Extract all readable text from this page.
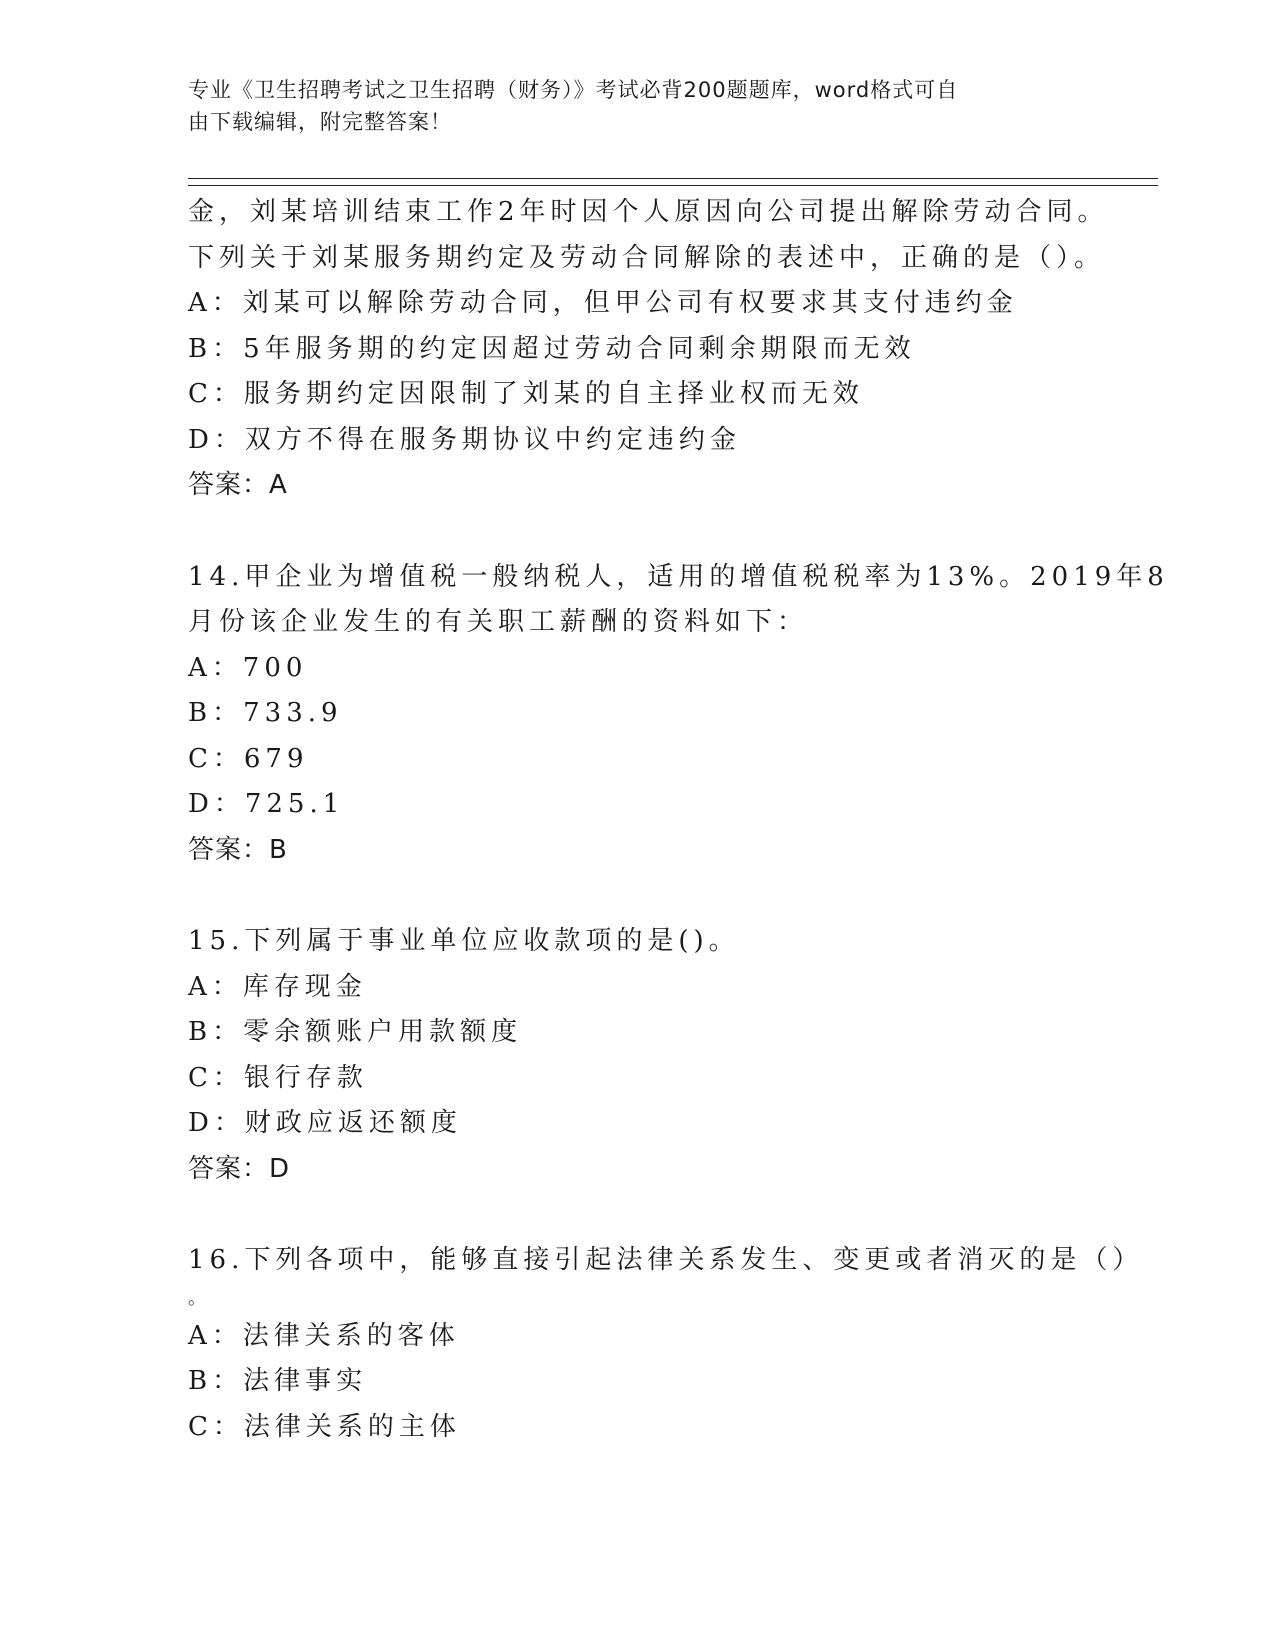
专业《卫生招聘考试之卫生招聘（财务）》考试必背200题题库，word格式可自
由下载编辑，附完整答案！
金，刘某培训结束工作2年时因个人原因向公司提出解除劳动合同。
下列关于刘某服务期约定及劳动合同解除的表述中，正确的是（）。
A：刘某可以解除劳动合同，但甲公司有权要求其支付违约金
B：5年服务期的约定因超过劳动合同剩余期限而无效
C：服务期约定因限制了刘某的自主择业权而无效
D：双方不得在服务期协议中约定违约金
答案：A
14.甲企业为增值税一般纳税人，适用的增值税税率为13%。2019年8
月份该企业发生的有关职工薪酬的资料如下：
A：700
B：733.9
C：679
D：725.1
答案：B
15.下列属于事业单位应收款项的是()。
A：库存现金
B：零余额账户用款额度
C：银行存款
D：财政应返还额度
答案：D
16.下列各项中，能够直接引起法律关系发生、变更或者消灭的是（）
。
A：法律关系的客体
B：法律事实
C：法律关系的主体
